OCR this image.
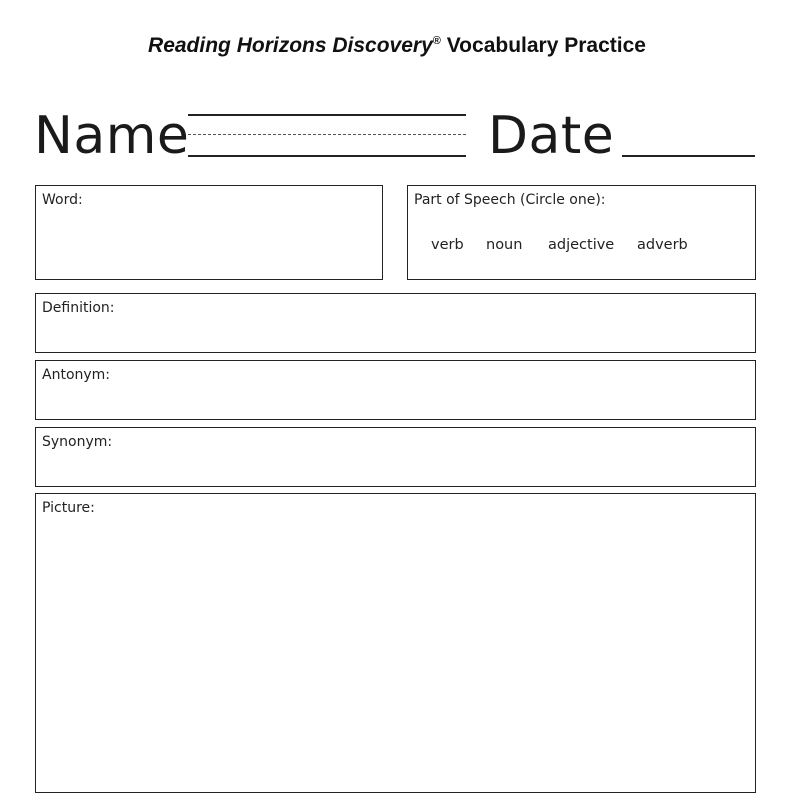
Reading Horizons Discovery® Vocabulary Practice
Name	Date
Word:	Part of Speech (Circle one):
verb noun adjective adverb
Definition:
Antonym:
Synonym:
Picture:
